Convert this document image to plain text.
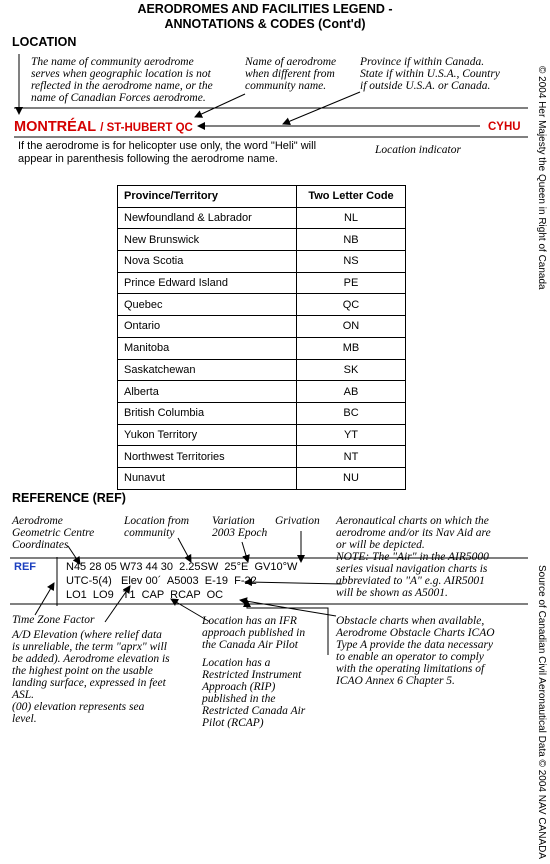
AERODROMES AND FACILITIES LEGEND -
ANNOTATIONS & CODES (Cont'd)
LOCATION
The name of community aerodrome
serves when geographic location is not
reflected in the aerodrome name, or the
name of Canadian Forces aerodrome.
Name of aerodrome
when different from
community name.
Province if within Canada.
State if within U.S.A., Country
if outside U.S.A. or Canada.
MONTRÉAL / ST-HUBERT QC	CYHU
If the aerodrome is for helicopter use only, the word "Heli" will
appear in parenthesis following the aerodrome name.
Location indicator
Province/Territory	Two Letter Code
Newfoundland & Labrador	NL
New Brunswick	NB
Nova Scotia	NS
Prince Edward Island	PE
Quebec	QC
Ontario	ON
Manitoba	MB
Saskatchewan	SK
Alberta	AB
British Columbia	BC
Yukon Territory	YT
Northwest Territories	NT
Nunavut	NU
REFERENCE (REF)
Aerodrome
Geometric Centre
Coordinates
Location from
community
Variation
2003 Epoch
Grivation Aeronautical charts on which the
aerodrome and/or its Nav Aid are
or will be depicted.
NOTE: The "Air" in the AIR5000
series visual navigation charts is
abbreviated to "A" e.g. AIR5001
will be shown as A5001.
REF	N45 28 05 W73 44 30  2.25SW  25°E  GV10°W
UTC-5(4)   Elev 00´  A5003  E-19  F-22
LO1  LO9   T1  CAP  RCAP  OC
Time Zone Factor
A/D Elevation (where relief data
is unreliable, the term "aprx" will
be added). Aerodrome elevation is
the highest point on the usable
landing surface, expressed in feet
ASL.
(00) elevation represents sea
level.
Location has an IFR
approach published in
the Canada Air Pilot
Location has a
Restricted Instrument
Approach (RIP)
published in the
Restricted Canada Air
Pilot (RCAP)
Obstacle charts when available,
Aerodrome Obstacle Charts ICAO
Type A provide the data necessary
to enable an operator to comply
with the operating limitations of
ICAO Annex 6 Chapter 5.
© 2004 Her Majesty the Queen in Right of Canada
Source of Canadian Civil Aeronautical Data © 2004 NAV CANADA
